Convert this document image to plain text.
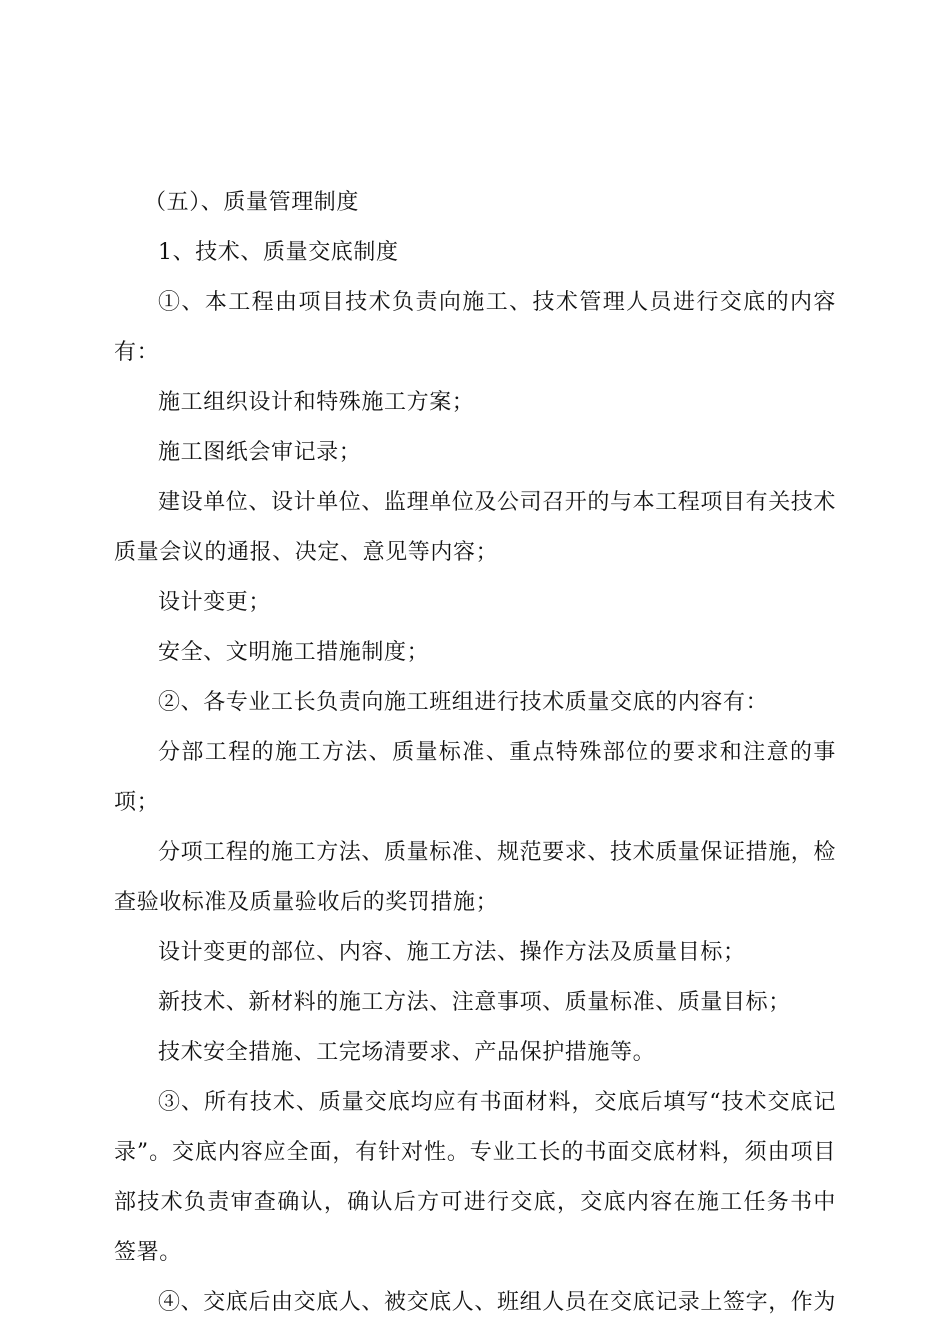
（五）、质量管理制度

1、技术、质量交底制度

①、本工程由项目技术负责向施工、技术管理人员进行交底的内容有：

施工组织设计和特殊施工方案；

施工图纸会审记录；

建设单位、设计单位、监理单位及公司召开的与本工程项目有关技术质量会议的通报、决定、意见等内容；

设计变更；

安全、文明施工措施制度；

②、各专业工长负责向施工班组进行技术质量交底的内容有：

分部工程的施工方法、质量标准、重点特殊部位的要求和注意的事项；

分项工程的施工方法、质量标准、规范要求、技术质量保证措施，检查验收标准及质量验收后的奖罚措施；

设计变更的部位、内容、施工方法、操作方法及质量目标；

新技术、新材料的施工方法、注意事项、质量标准、质量目标；

技术安全措施、工完场清要求、产品保护措施等。

③、所有技术、质量交底均应有书面材料，交底后填写“技术交底记录”。交底内容应全面，有针对性。专业工长的书面交底材料，须由项目部技术负责审查确认，确认后方可进行交底，交底内容在施工任务书中签署。

④、交底后由交底人、被交底人、班组人员在交底记录上签字，作为
